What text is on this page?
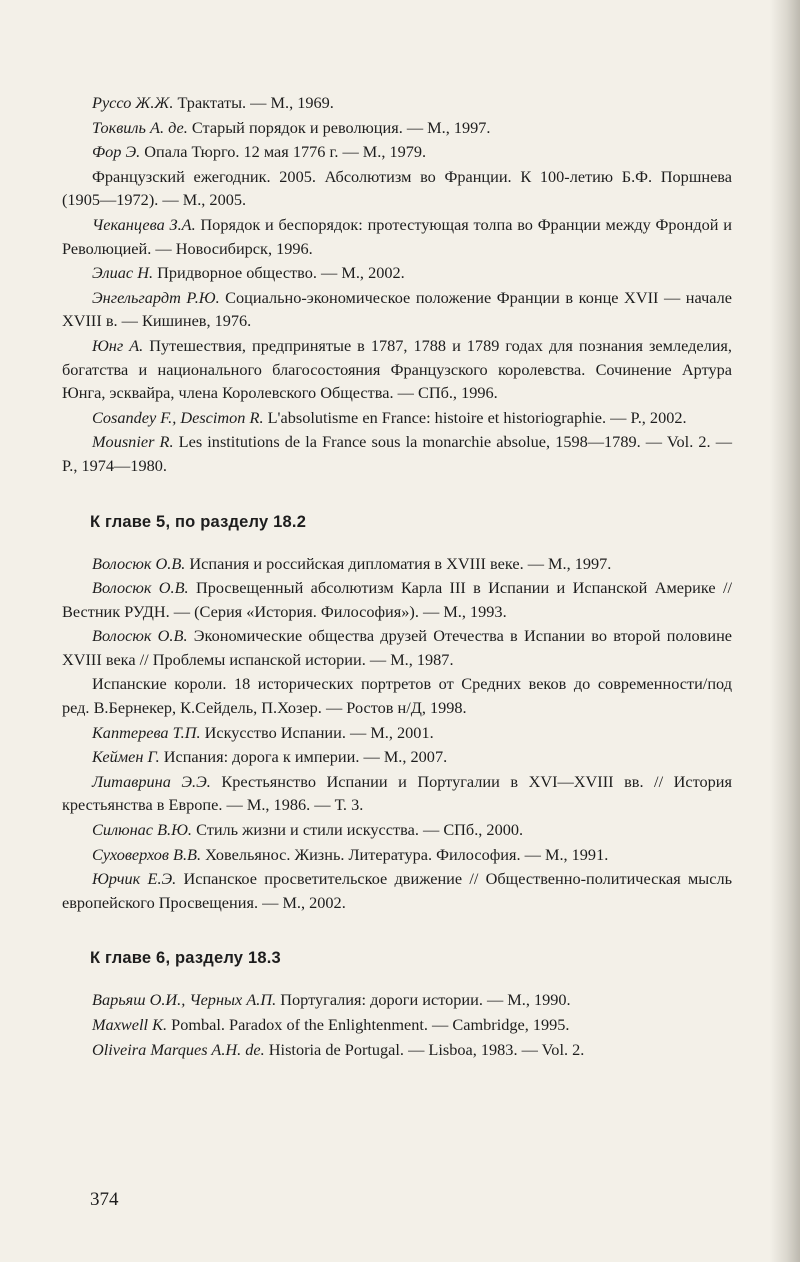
Руссо Ж.Ж. Трактаты. — М., 1969.
Токвиль А. де. Старый порядок и революция. — М., 1997.
Фор Э. Опала Тюрго. 12 мая 1776 г. — М., 1979.
Французский ежегодник. 2005. Абсолютизм во Франции. К 100-летию Б.Ф. Поршнева (1905—1972). — М., 2005.
Чеканцева З.А. Порядок и беспорядок: протестующая толпа во Франции между Фрондой и Революцией. — Новосибирск, 1996.
Элиас Н. Придворное общество. — М., 2002.
Энгельгардт Р.Ю. Социально-экономическое положение Франции в конце XVII — начале XVIII в. — Кишинев, 1976.
Юнг А. Путешествия, предпринятые в 1787, 1788 и 1789 годах для познания земледелия, богатства и национального благосостояния Французского королевства. Сочинение Артура Юнга, эсквайра, члена Королевского Общества. — СПб., 1996.
Cosandey F., Descimon R. L'absolutisme en France: histoire et historiographie. — P., 2002.
Mousnier R. Les institutions de la France sous la monarchie absolue, 1598—1789. — Vol. 2. — P., 1974—1980.
К главе 5, по разделу 18.2
Волосюк О.В. Испания и российская дипломатия в XVIII веке. — М., 1997.
Волосюк О.В. Просвещенный абсолютизм Карла III в Испании и Испанской Америке // Вестник РУДН. — (Серия «История. Философия»). — М., 1993.
Волосюк О.В. Экономические общества друзей Отечества в Испании во второй половине XVIII века // Проблемы испанской истории. — М., 1987.
Испанские короли. 18 исторических портретов от Средних веков до современности/под ред. В.Бернекер, К.Сейдель, П.Хозер. — Ростов н/Д, 1998.
Каптерева Т.П. Искусство Испании. — М., 2001.
Кеймен Г. Испания: дорога к империи. — М., 2007.
Литаврина Э.Э. Крестьянство Испании и Португалии в XVI—XVIII вв. // История крестьянства в Европе. — М., 1986. — Т. 3.
Силюнас В.Ю. Стиль жизни и стили искусства. — СПб., 2000.
Суховерхов В.В. Ховельянос. Жизнь. Литература. Философия. — М., 1991.
Юрчик Е.Э. Испанское просветительское движение // Общественно-политическая мысль европейского Просвещения. — М., 2002.
К главе 6, разделу 18.3
Варьяш О.И., Черных А.П. Португалия: дороги истории. — М., 1990.
Maxwell K. Pombal. Paradox of the Enlightenment. — Cambridge, 1995.
Oliveira Marques A.H. de. Historia de Portugal. — Lisboa, 1983. — Vol. 2.
374
